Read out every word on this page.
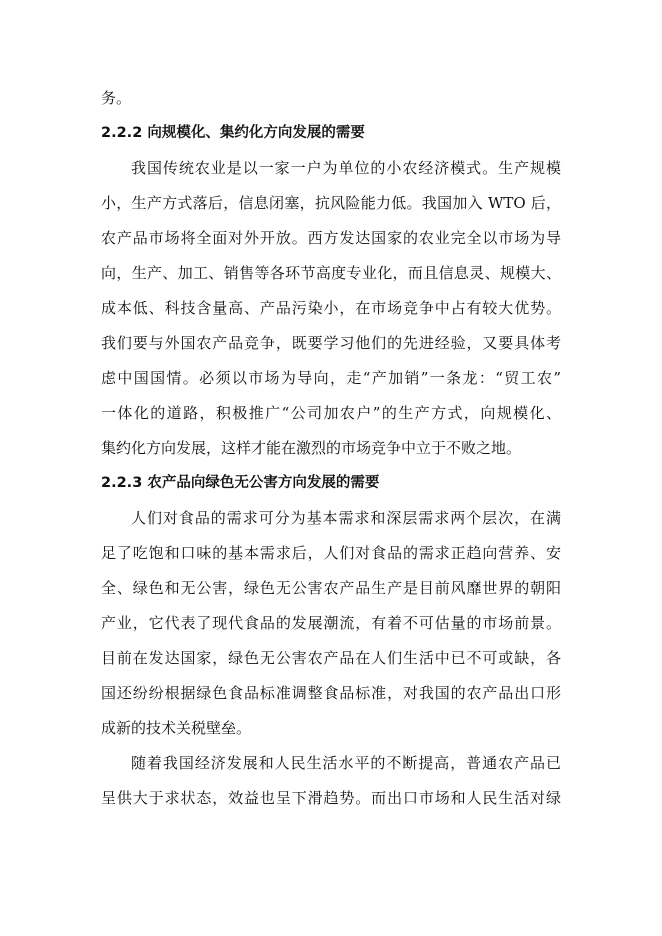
务。

2.2.2 向规模化、集约化方向发展的需要

我国传统农业是以一家一户为单位的小农经济模式。生产规模

小，生产方式落后，信息闭塞，抗风险能力低。我国加入 WTO 后，

农产品市场将全面对外开放。西方发达国家的农业完全以市场为导

向，生产、加工、销售等各环节高度专业化，而且信息灵、规模大、

成本低、科技含量高、产品污染小，在市场竞争中占有较大优势。

我们要与外国农产品竞争，既要学习他们的先进经验，又要具体考

虑中国国情。必须以市场为导向，走“产加销”一条龙：“贸工农”

一体化的道路，积极推广“公司加农户”的生产方式，向规模化、

集约化方向发展，这样才能在激烈的市场竞争中立于不败之地。

2.2.3 农产品向绿色无公害方向发展的需要

人们对食品的需求可分为基本需求和深层需求两个层次，在满

足了吃饱和口味的基本需求后，人们对食品的需求正趋向营养、安

全、绿色和无公害，绿色无公害农产品生产是目前风靡世界的朝阳

产业，它代表了现代食品的发展潮流，有着不可估量的市场前景。

目前在发达国家，绿色无公害农产品在人们生活中已不可或缺，各

国还纷纷根据绿色食品标准调整食品标准，对我国的农产品出口形

成新的技术关税壁垒。

随着我国经济发展和人民生活水平的不断提高，普通农产品已

呈供大于求状态，效益也呈下滑趋势。而出口市场和人民生活对绿
